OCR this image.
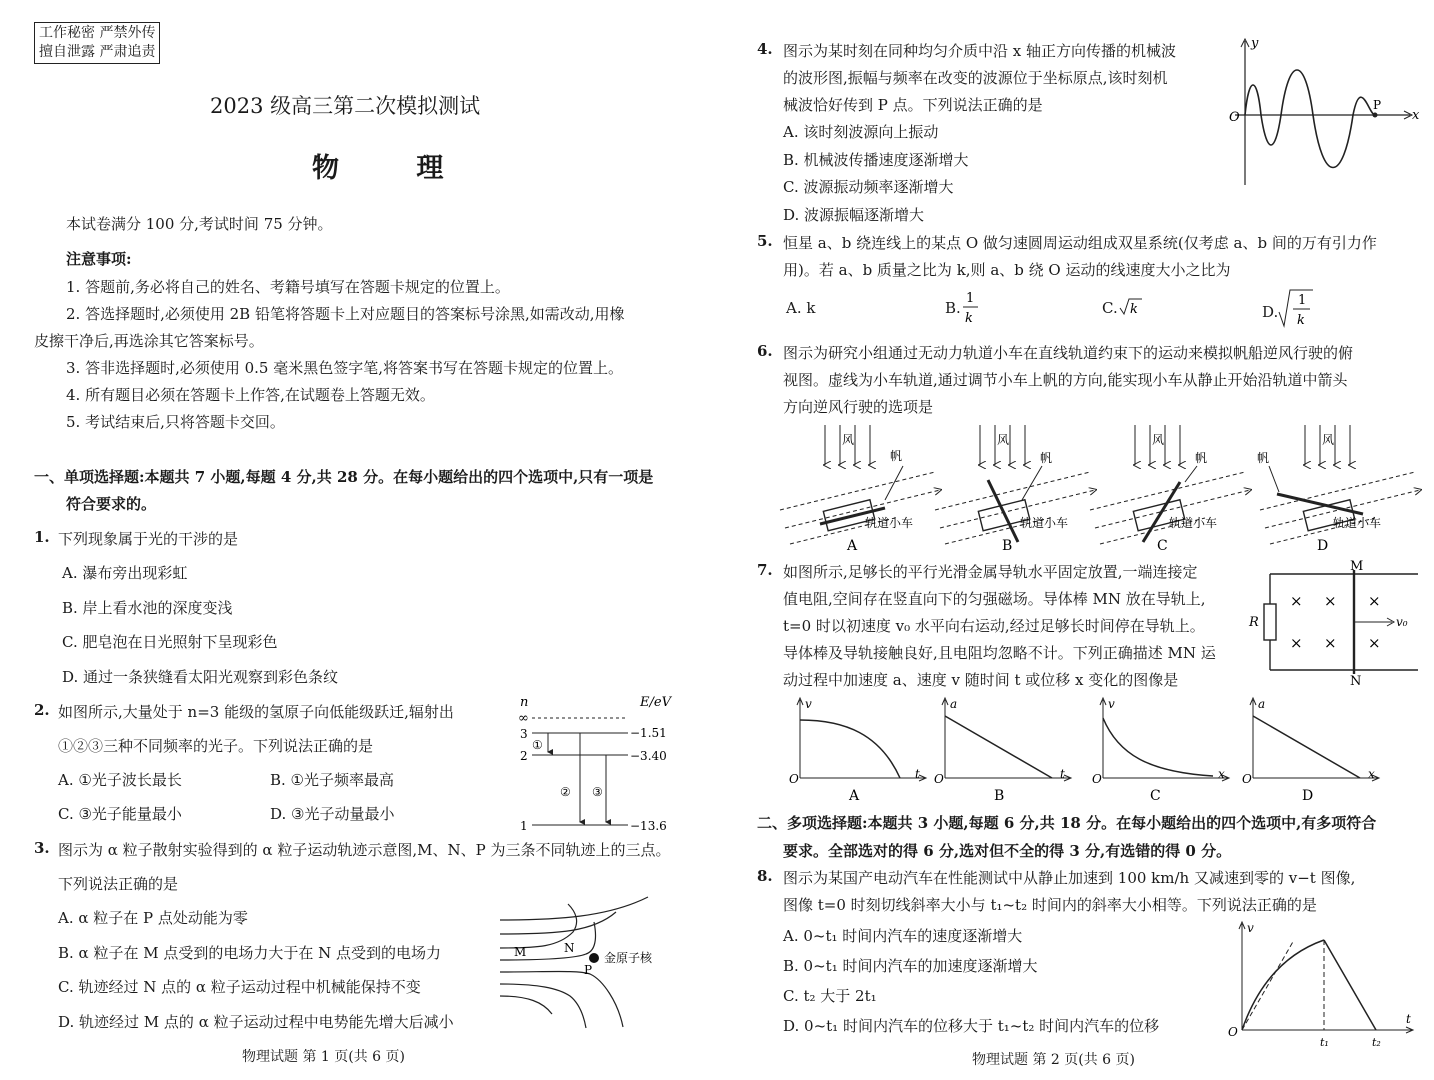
工作秘密 严禁外传
擅自泄露 严肃追责
2023 级高三第二次模拟测试
物 理
本试卷满分 100 分,考试时间 75 分钟。
注意事项:
1. 答题前,务必将自己的姓名、考籍号填写在答题卡规定的位置上。
2. 答选择题时,必须使用 2B 铅笔将答题卡上对应题目的答案标号涂黑,如需改动,用橡
皮擦干净后,再选涂其它答案标号。
3. 答非选择题时,必须使用 0.5 毫米黑色签字笔,将答案书写在答题卡规定的位置上。
4. 所有题目必须在答题卡上作答,在试题卷上答题无效。
5. 考试结束后,只将答题卡交回。
一、单项选择题:本题共 7 小题,每题 4 分,共 28 分。在每小题给出的四个选项中,只有一项是
符合要求的。
1. 下列现象属于光的干涉的是
A. 瀑布旁出现彩虹
B. 岸上看水池的深度变浅
C. 肥皂泡在日光照射下呈现彩色
D. 通过一条狭缝看太阳光观察到彩色条纹
2. 如图所示,大量处于 n=3 能级的氢原子向低能级跃迁,辐射出
①②③三种不同频率的光子。下列说法正确的是
A. ①光子波长最长	B. ①光子频率最高
C. ③光子能量最小	D. ③光子动量最小
n	E/eV
∞
3	−1.51
2	−3.40
1	−13.6
①
② ③
3. 图示为 α 粒子散射实验得到的 α 粒子运动轨迹示意图,M、N、P 为三条不同轨迹上的三点。
下列说法正确的是
A. α 粒子在 P 点处动能为零
B. α 粒子在 M 点受到的电场力大于在 N 点受到的电场力
C. 轨迹经过 N 点的 α 粒子运动过程中机械能保持不变
D. 轨迹经过 M 点的 α 粒子运动过程中电势能先增大后减小
M	N
P
金原子核
物理试题 第 1 页(共 6 页)
4. 图示为某时刻在同种均匀介质中沿 x 轴正方向传播的机械波
的波形图,振幅与频率在改变的波源位于坐标原点,该时刻机
械波恰好传到 P 点。下列说法正确的是
A. 该时刻波源向上振动
B. 机械波传播速度逐渐增大
C. 波源振动频率逐渐增大
D. 波源振幅逐渐增大
y
x
O
P
5. 恒星 a、b 绕连线上的某点 O 做匀速圆周运动组成双星系统(仅考虑 a、b 间的万有引力作
用)。若 a、b 质量之比为 k,则 a、b 绕 O 运动的线速度大小之比为
A. k	B.
1
k
C. k	D.
1
k
6. 图示为研究小组通过无动力轨道小车在直线轨道约束下的运动来模拟帆船逆风行驶的俯
视图。虚线为小车轨道,通过调节小车上帆的方向,能实现小车从静止开始沿轨道中箭头
方向逆风行驶的选项是
风
帆
轨道小车
A
风
帆
轨道小车
B
风
帆
轨道小车
C
风
帆
轨道小车
D
7. 如图所示,足够长的平行光滑金属导轨水平固定放置,一端连接定
值电阻,空间存在竖直向下的匀强磁场。导体棒 MN 放在导轨上,
t=0 时以初速度 v₀ 水平向右运动,经过足够长时间停在导轨上。
导体棒及导轨接触良好,且电阻均忽略不计。下列正确描述 MN 运
动过程中加速度 a、速度 v 随时间 t 或位移 x 变化的图像是
R
M
N
× × ×
× × ×
v₀
v
t
O
A
a
t
O
B
v
x
O
C
a
x
O
D
二、多项选择题:本题共 3 小题,每题 6 分,共 18 分。在每小题给出的四个选项中,有多项符合
要求。全部选对的得 6 分,选对但不全的得 3 分,有选错的得 0 分。
8. 图示为某国产电动汽车在性能测试中从静止加速到 100 km/h 又减速到零的 v−t 图像,
图像 t=0 时刻切线斜率大小与 t₁~t₂ 时间内的斜率大小相等。下列说法正确的是
A. 0~t₁ 时间内汽车的速度逐渐增大
B. 0~t₁ 时间内汽车的加速度逐渐增大
C. t₂ 大于 2t₁
D. 0~t₁ 时间内汽车的位移大于 t₁~t₂ 时间内汽车的位移
v
t
O
t₁	t₂
物理试题 第 2 页(共 6 页)
